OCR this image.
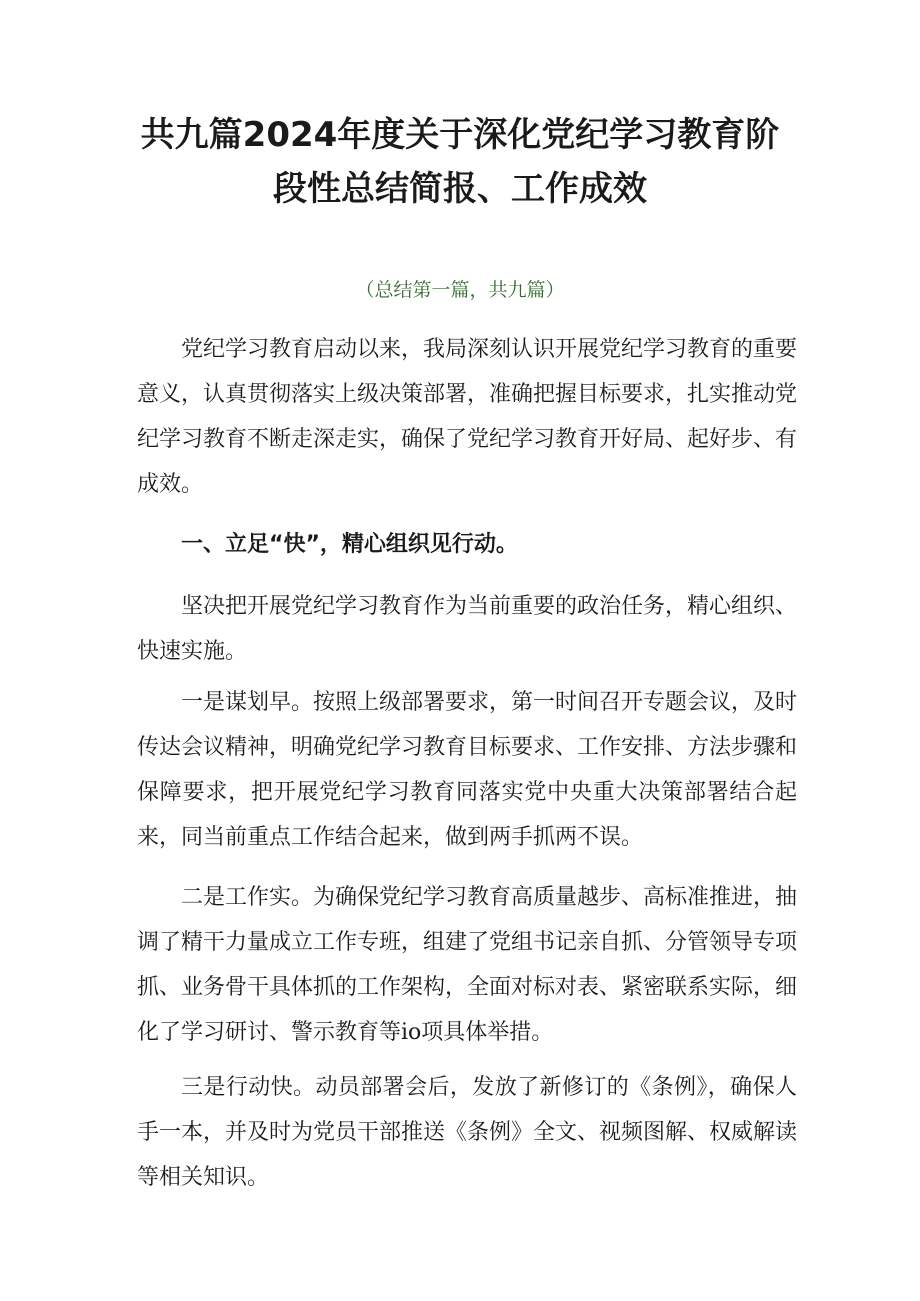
共九篇2024年度关于深化党纪学习教育阶
段性总结简报、工作成效

（总结第一篇，共九篇）

党纪学习教育启动以来，我局深刻认识开展党纪学习教育的重要意义，认真贯彻落实上级决策部署，准确把握目标要求，扎实推动党纪学习教育不断走深走实，确保了党纪学习教育开好局、起好步、有成效。

一、立足“快”，精心组织见行动。

坚决把开展党纪学习教育作为当前重要的政治任务，精心组织、快速实施。

一是谋划早。按照上级部署要求，第一时间召开专题会议，及时传达会议精神，明确党纪学习教育目标要求、工作安排、方法步骤和保障要求，把开展党纪学习教育同落实党中央重大决策部署结合起来，同当前重点工作结合起来，做到两手抓两不误。

二是工作实。为确保党纪学习教育高质量越步、高标准推进，抽调了精干力量成立工作专班，组建了党组书记亲自抓、分管领导专项抓、业务骨干具体抓的工作架构，全面对标对表、紧密联系实际，细化了学习研讨、警示教育等io项具体举措。

三是行动快。动员部署会后，发放了新修订的《条例》，确保人手一本，并及时为党员干部推送《条例》全文、视频图解、权威解读等相关知识。
